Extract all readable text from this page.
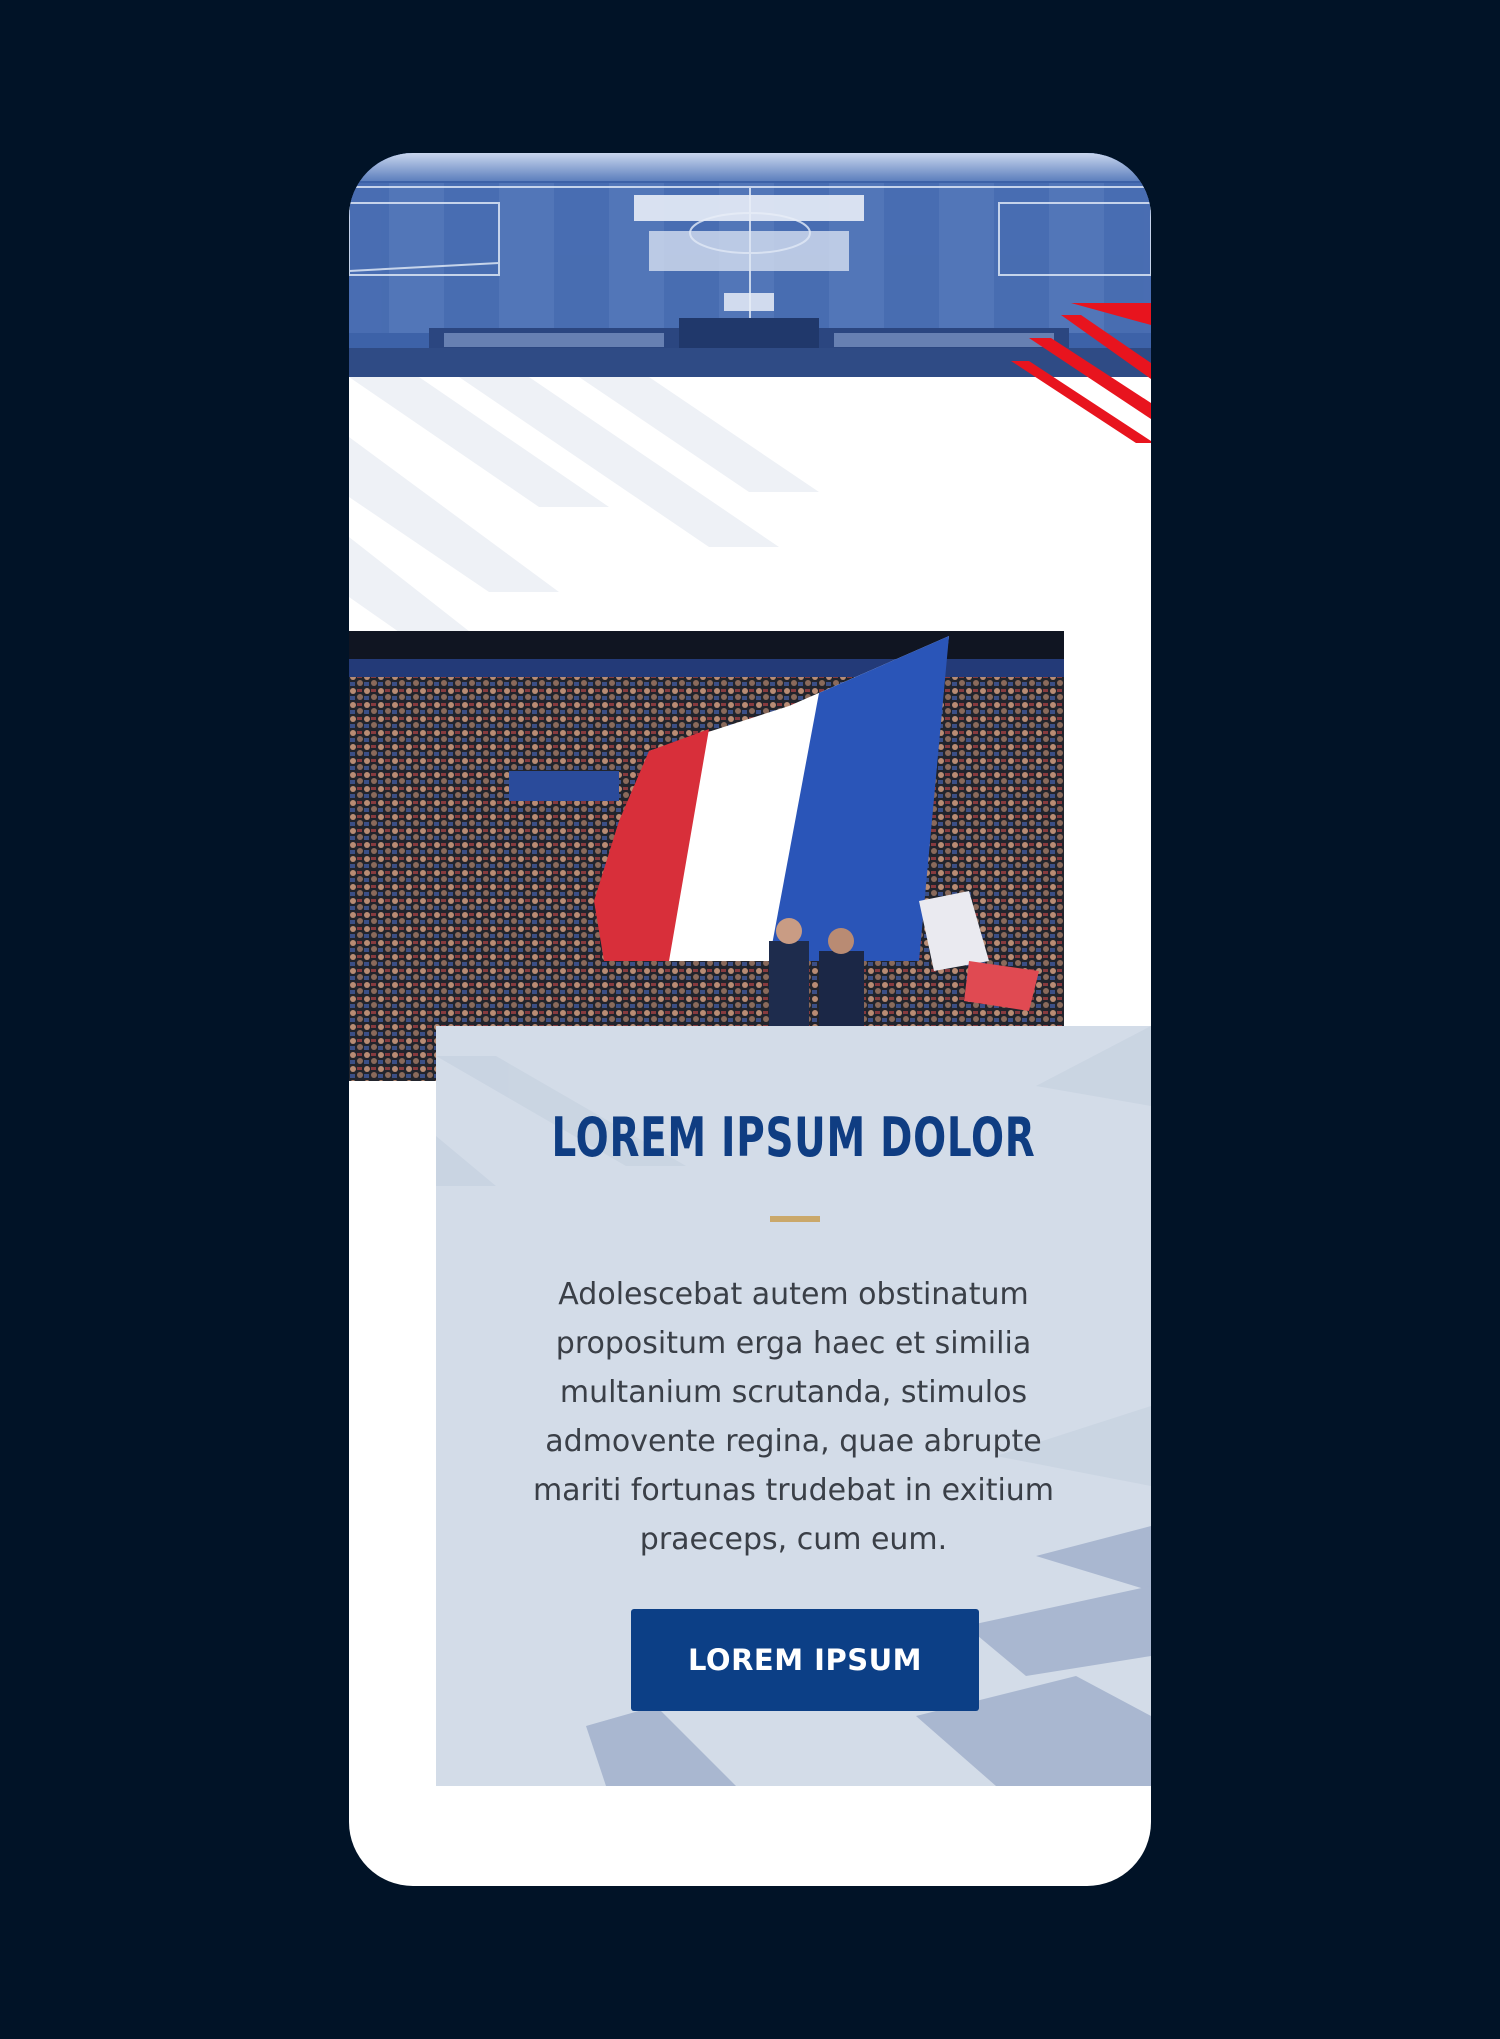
LOREM IPSUM DOLOR

Adolescebat autem obstinatum propositum erga haec et similia multanium scrutanda, stimulos admovente regina, quae abrupte mariti fortunas trudebat in exitium praeceps, cum eum.

LOREM IPSUM
